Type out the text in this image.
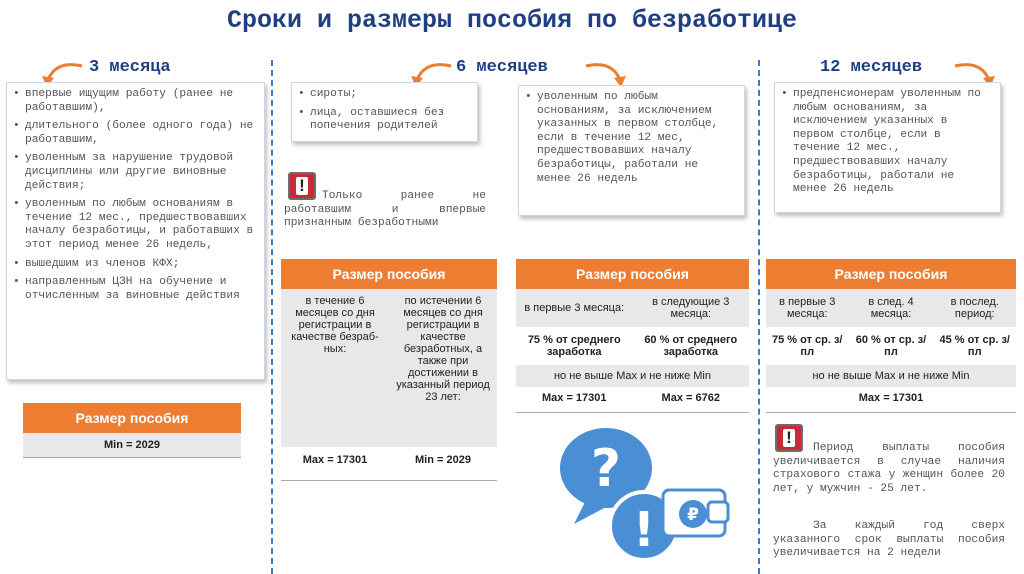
Сроки и размеры пособия по безработице
3 месяца	6 месяцев	12 месяцев
• впервые ищущим работу (ранее не работавшим),
• длительного (более одного года) не работавшим,
• уволенным за нарушение трудовой дисциплины или другие виновные действия;
• уволенным по любым основаниям в течение 12 мес., предшествовавших началу безработицы, и работавших в этот период менее 26 недель,
• вышедшим из членов КФХ;
• направленным ЦЗН на обучение и отчисленным за виновные действия
Размер пособия
Min = 2029
• сироты;
• лица, оставшиеся без попечения родителей
!
Только ранее не работавшим и впервые признанным безработными
Размер пособия	
в течение 6 месяцев со дня регистрации в качестве безраб-ных:	по истечении 6 месяцев со дня регистрации в качестве безработных, а также при достижении в указанный период 23 лет:
Max = 17301	Min = 2029
• уволенным по любым основаниям, за исключением указанных в первом столбце, если в течение 12 мес, предшествовавших началу безработицы, работали не менее 26 недель
Размер пособия	
в первые 3 месяца:	в следующие 3 месяца:
75 % от среднего заработка	60 % от среднего заработка
но не выше Max и не ниже Min	
Max = 17301	Max = 6762
?
! ₽
• предпенсионерам уволенным по любым основаниям, за исключением указанных в первом столбце, если в течение 12 мес., предшествовавших началу безработицы, работали не менее 26 недель
Размер пособия		
в первые 3 месяца:	в след. 4 месяца:	в послед. период:
75 % от ср. з/пл	60 % от ср. з/пл	45 % от ср. з/пл
но не выше Max и не ниже Min		
Max = 17301		
!
Период выплаты пособия увеличивается в случае наличия страхового стажа у женщин более 20 лет, у мужчин - 25 лет.
За каждый год сверх указанного срок выплаты пособия увеличивается на 2 недели
